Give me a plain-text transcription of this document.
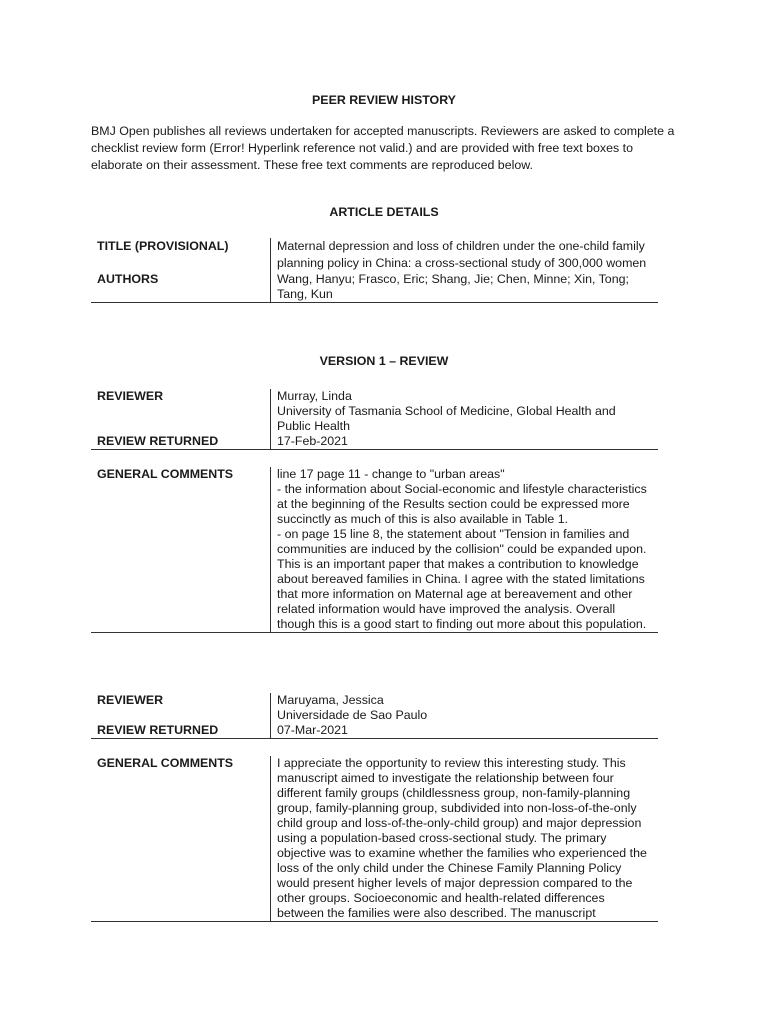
PEER REVIEW HISTORY
BMJ Open publishes all reviews undertaken for accepted manuscripts. Reviewers are asked to complete a checklist review form (Error! Hyperlink reference not valid.) and are provided with free text boxes to elaborate on their assessment. These free text comments are reproduced below.
ARTICLE DETAILS
TITLE (PROVISIONAL)	Maternal depression and loss of children under the one-child family planning policy in China: a cross-sectional study of 300,000 women
AUTHORS	Wang, Hanyu; Frasco, Eric; Shang, Jie; Chen, Minne; Xin, Tong; Tang, Kun
VERSION 1 – REVIEW
REVIEWER	Murray, Linda
University of Tasmania School of Medicine, Global Health and Public Health

REVIEW RETURNED	17-Feb-2021
GENERAL COMMENTS	line 17 page 11 - change to "urban areas"
- the information about Social-economic and lifestyle characteristics at the beginning of the Results section could be expressed more succinctly as much of this is also available in Table 1.
- on page 15 line 8, the statement about "Tension in families and communities are induced by the collision" could be expanded upon.
This is an important paper that makes a contribution to knowledge about bereaved families in China. I agree with the stated limitations that more information on Maternal age at bereavement and other related information would have improved the analysis. Overall though this is a good start to finding out more about this population.
REVIEWER	Maruyama, Jessica
Universidade de Sao Paulo

REVIEW RETURNED	07-Mar-2021
GENERAL COMMENTS	I appreciate the opportunity to review this interesting study. This manuscript aimed to investigate the relationship between four different family groups (childlessness group, non-family-planning group, family-planning group, subdivided into non-loss-of-the-only child group and loss-of-the-only-child group) and major depression using a population-based cross-sectional study. The primary objective was to examine whether the families who experienced the loss of the only child under the Chinese Family Planning Policy would present higher levels of major depression compared to the other groups. Socioeconomic and health-related differences between the families were also described. The manuscript
